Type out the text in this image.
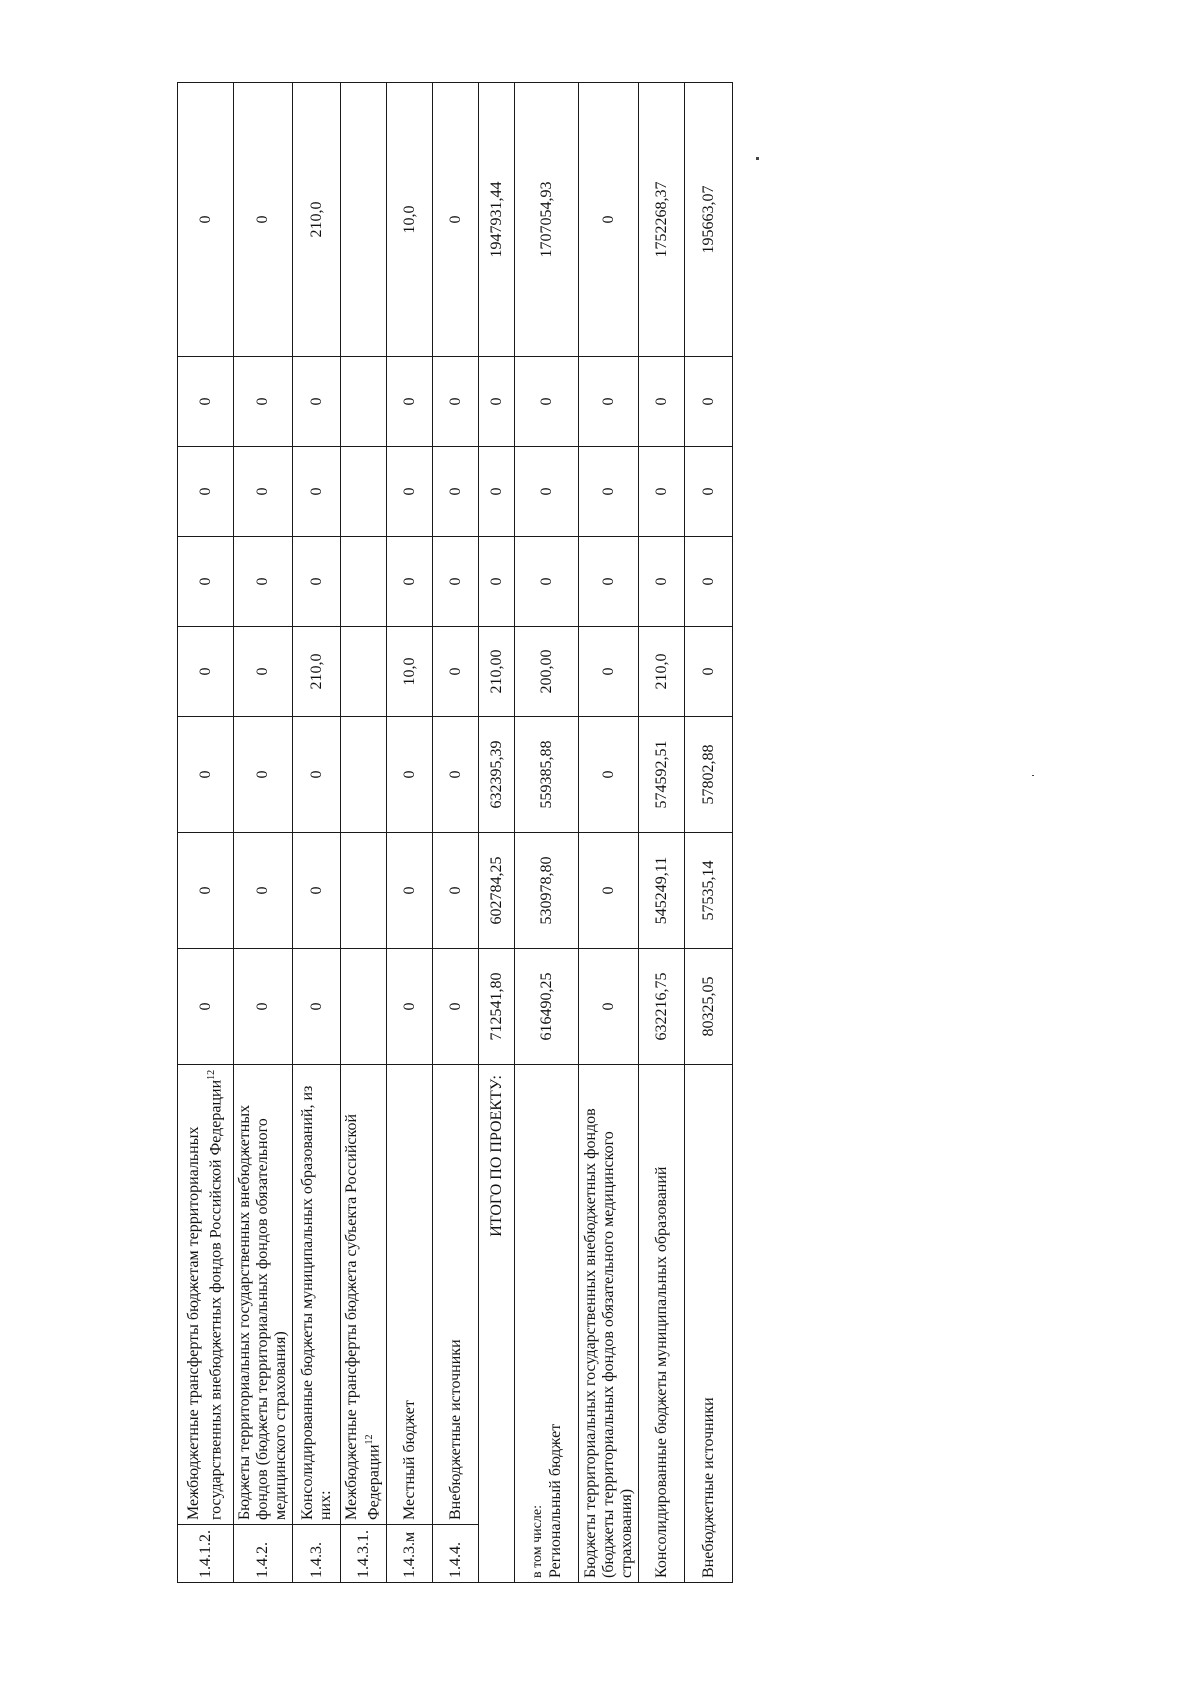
1.4.1.2.	Межбюджетные трансферты бюджетам территориальных государственных внебюджетных фондов Российской Федерации$^{12}$	0	0	0	0	0	0	0	0
1.4.2.	Бюджеты территориальных государственных внебюджетных фондов (бюджеты территориальных фондов обязательного медицинского страхования)	0	0	0	0	0	0	0	0
1.4.3.	Консолидированные бюджеты муниципальных образований, из них:	0	0	0	210,0	0	0	0	210,0
1.4.3.1.	Межбюджетные трансферты бюджета субъекта Российской Федерации$^{12}$								
1.4.3.м	Местный бюджет	0	0	0	10,0	0	0	0	10,0
1.4.4.	Внебюджетные источники	0	0	0	0	0	0	0	0
ИТОГО ПО ПРОЕКТУ:		712541,80	602784,25	632395,39	210,00	0	0	0	1947931,44

в том числе: Региональный бюджет		616490,25	530978,80	559385,88	200,00	0	0	0	1707054,93
Бюджеты территориальных государственных внебюджетных фондов (бюджеты территориальных фондов обязательного медицинского страхования)		0	0	0	0	0	0	0	0
Консолидированные бюджеты муниципальных образований		632216,75	545249,11	574592,51	210,0	0	0	0	1752268,37
Внебюджетные источники		80325,05	57535,14	57802,88	0	0	0	0	195663,07
